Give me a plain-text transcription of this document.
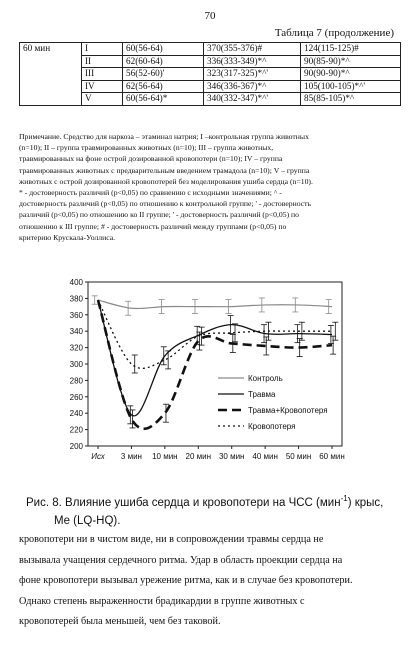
70
Таблица 7 (продолжение)
60 мин	I	60(56-64)	370(355-376)#	124(115-125)#
	II	62(60-64)	336(333-349)*^	90(85-90)*^
	III	56(52-60)'	323(317-325)*^'	90(90-90)*^
	IV	62(56-64)	346(336-367)*^	105(100-105)*^'
	V	60(56-64)*	340(332-347)*^'	85(85-105)*^
Примечание. Средство для наркоза – этаминал натрия; I –контрольная группа животных
(n=10); II – группа травмированных животных (n=10); III – группа животных,
травмированных на фоне острой дозированной кровопотери (n=10); IV – группа
травмированных животных с предварительным введением трамадола (n=10); V – группа
животных с острой дозированной кровопотерей без моделирования ушиба сердца (n=10).
* - достоверность различий (p<0,05) по сравнению с исходными значениями; ^ -
достоверность различий (p<0,05) по отношению к контрольной группе; ' - достоверность
различий (p<0,05) по отношению ко II группе; ' - достоверность различий (p<0,05) по
отношению к III группе; # - достоверность различий между группами (p<0,05) по
критерию Крускала-Уоллиса.
200
220
240
260
280
300
320
340
360
380
400
Исх 3 мин 10 мин 20 мин 30 мин 40 мин 50 мин 60 мин
Контроль
Травма
Травма+Кровопотеря
Кровопотеря
Рис. 8. Влияние ушиба сердца и кровопотери на ЧСС (мин$^{-1}$) крыс,
Me (LQ-HQ).

кровопотери ни в чистом виде, ни в сопровождении травмы сердца не

вызывала учащения сердечного ритма. Удар в область проекции сердца на

фоне кровопотери вызывал урежение ритма, как и в случае без кровопотери.

Однако степень выраженности брадикардии в группе животных с

кровопотерей была меньшей, чем без таковой.
